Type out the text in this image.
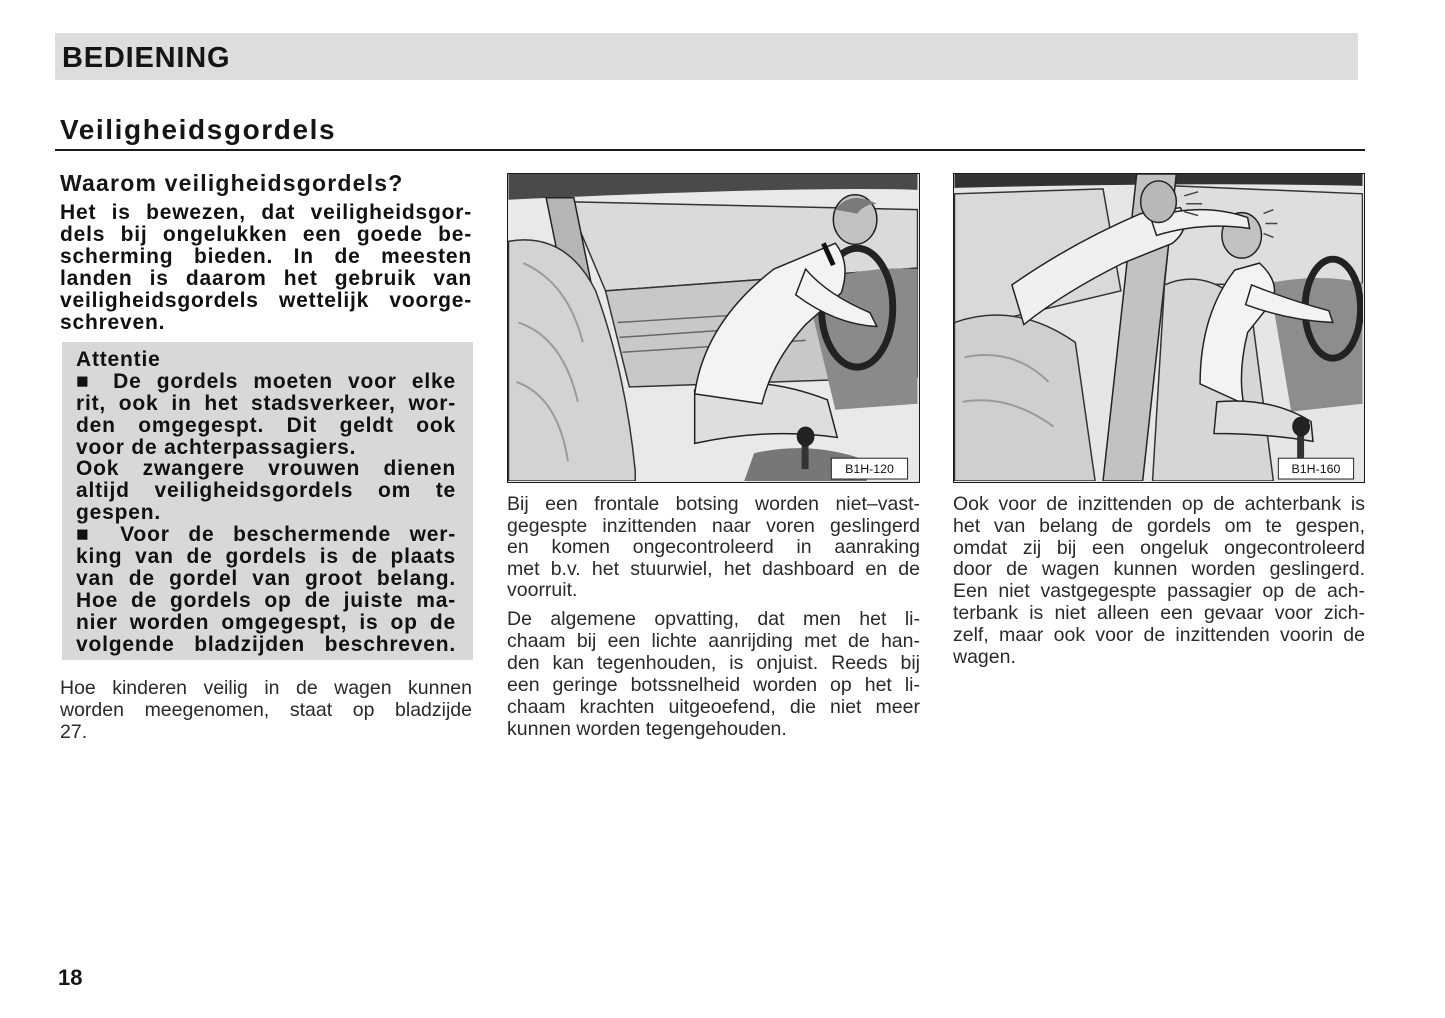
BEDIENING
Veiligheidsgordels
Waarom veiligheidsgordels?
Het is bewezen, dat veiligheidsgor-
dels bij ongelukken een goede be-
scherming bieden. In de meesten
landen is daarom het gebruik van
veiligheidsgordels wettelijk voorge-
schreven.
Attentie
■ De gordels moeten voor elke
rit, ook in het stadsverkeer, wor-
den omgegespt. Dit geldt ook
voor de achterpassagiers.
Ook zwangere vrouwen dienen
altijd veiligheidsgordels om te
gespen.
■ Voor de beschermende wer-
king van de gordels is de plaats
van de gordel van groot belang.
Hoe de gordels op de juiste ma-
nier worden omgegespt, is op de
volgende bladzijden beschreven.
Hoe kinderen veilig in de wagen kunnen
worden meegenomen, staat op bladzijde
27.
B1H-120
Bij een frontale botsing worden niet–vast-
gegespte inzittenden naar voren geslingerd
en komen ongecontroleerd in aanraking
met b.v. het stuurwiel, het dashboard en de
voorruit.
De algemene opvatting, dat men het li-
chaam bij een lichte aanrijding met de han-
den kan tegenhouden, is onjuist. Reeds bij
een geringe botssnelheid worden op het li-
chaam krachten uitgeoefend, die niet meer
kunnen worden tegengehouden.
B1H-160
Ook voor de inzittenden op de achterbank is
het van belang de gordels om te gespen,
omdat zij bij een ongeluk ongecontroleerd
door de wagen kunnen worden geslingerd.
Een niet vastgegespte passagier op de ach-
terbank is niet alleen een gevaar voor zich-
zelf, maar ook voor de inzittenden voorin de
wagen.
18
